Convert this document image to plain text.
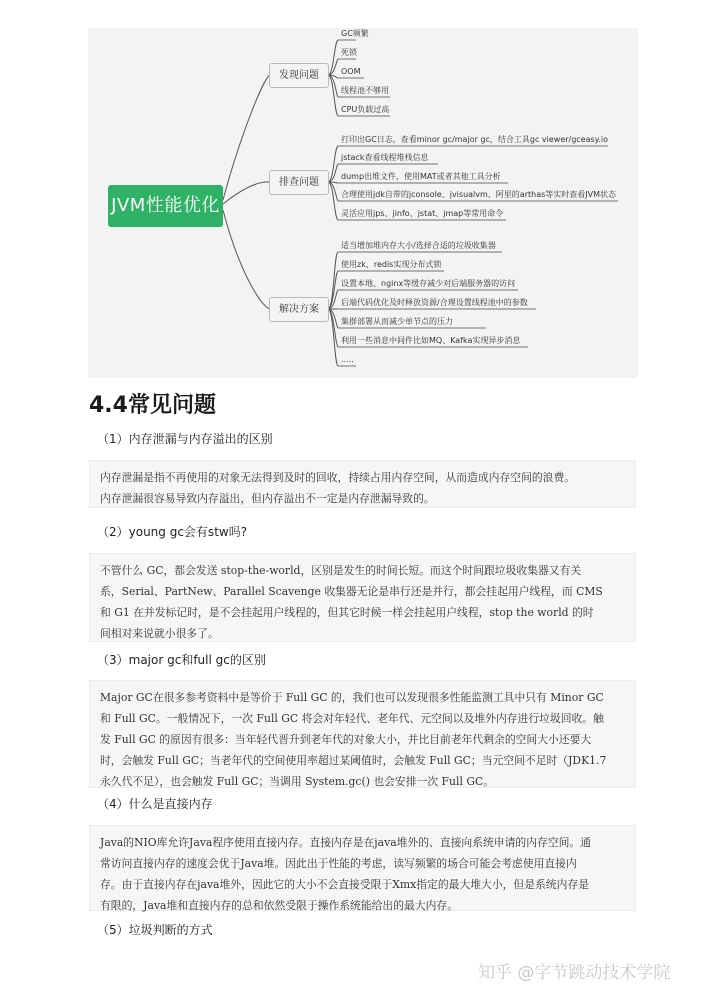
JVM性能优化
发现问题
排查问题
解决方案
GC频繁
死锁
OOM
线程池不够用
CPU负载过高
打印出GC日志，查看minor gc/major gc，结合工具gc viewer/gceasy.io
jstack查看线程堆栈信息
dump出堆文件，使用MAT或者其他工具分析
合理使用jdk自带的jconsole、jvisualvm、阿里的arthas等实时查看JVM状态
灵活应用jps、jinfo、jstat、jmap等常用命令
适当增加堆内存大小/选择合适的垃圾收集器
使用zk、redis实现分布式锁
设置本地、nginx等缓存减少对后端服务器的访问
后端代码优化及时释放资源/合理设置线程池中的参数
集群部署从而减少单节点的压力
利用一些消息中间件比如MQ、Kafka实现异步消息
.....
4.4常见问题
（1）内存泄漏与内存溢出的区别

内存泄漏是指不再使用的对象无法得到及时的回收，持续占用内存空间，从而造成内存空间的浪费。

内存泄漏很容易导致内存溢出，但内存溢出不一定是内存泄漏导致的。

（2）young gc会有stw吗?

不管什么 GC，都会发送 stop-the-world，区别是发生的时间长短。而这个时间跟垃圾收集器又有关

系，Serial、PartNew、Parallel Scavenge 收集器无论是串行还是并行，都会挂起用户线程，而 CMS

和 G1 在并发标记时，是不会挂起用户线程的，但其它时候一样会挂起用户线程，stop the world 的时

间相对来说就小很多了。

（3）major gc和full gc的区别

Major GC在很多参考资料中是等价于 Full GC 的，我们也可以发现很多性能监测工具中只有 Minor GC

和 Full GC。一般情况下，一次 Full GC 将会对年轻代、老年代、元空间以及堆外内存进行垃圾回收。触

发 Full GC 的原因有很多：当年轻代晋升到老年代的对象大小，并比目前老年代剩余的空间大小还要大

时，会触发 Full GC；当老年代的空间使用率超过某阈值时，会触发 Full GC；当元空间不足时（JDK1.7

永久代不足），也会触发 Full GC；当调用 System.gc() 也会安排一次 Full GC。

（4）什么是直接内存

Java的NIO库允许Java程序使用直接内存。直接内存是在java堆外的、直接向系统申请的内存空间。通

常访问直接内存的速度会优于Java堆。因此出于性能的考虑，读写频繁的场合可能会考虑使用直接内

存。由于直接内存在java堆外，因此它的大小不会直接受限于Xmx指定的最大堆大小，但是系统内存是

有限的，Java堆和直接内存的总和依然受限于操作系统能给出的最大内存。

（5）垃圾判断的方式
知乎 @字节跳动技术学院
